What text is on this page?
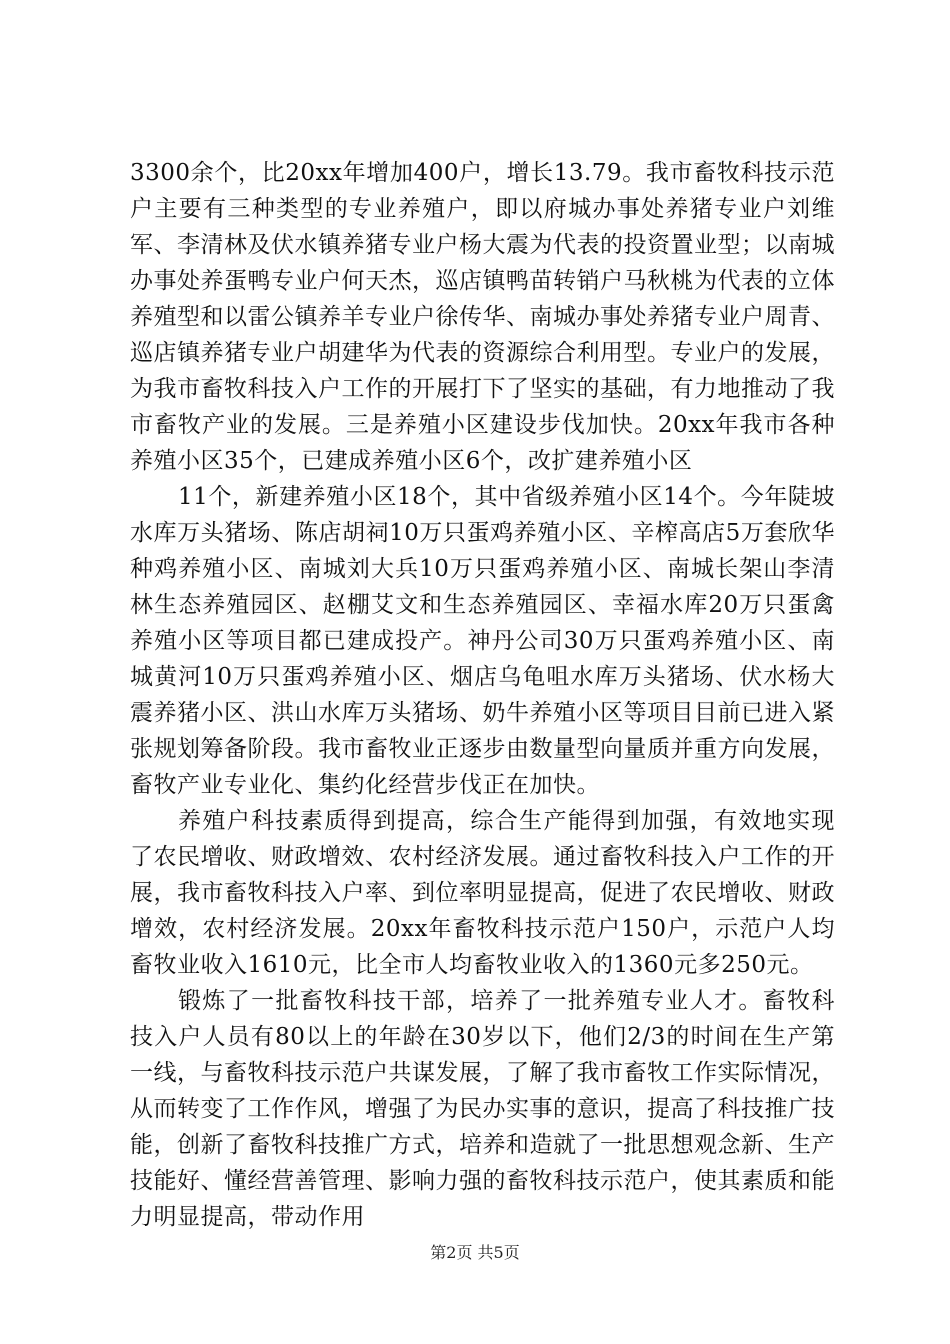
3300余个，比20xx年增加400户，增长13.79。我市畜牧科技示范户主要有三种类型的专业养殖户，即以府城办事处养猪专业户刘维军、李清林及伏水镇养猪专业户杨大震为代表的投资置业型；以南城办事处养蛋鸭专业户何天杰，巡店镇鸭苗转销户马秋桃为代表的立体养殖型和以雷公镇养羊专业户徐传华、南城办事处养猪专业户周青、巡店镇养猪专业户胡建华为代表的资源综合利用型。专业户的发展，为我市畜牧科技入户工作的开展打下了坚实的基础，有力地推动了我市畜牧产业的发展。三是养殖小区建设步伐加快。20xx年我市各种养殖小区35个，已建成养殖小区6个，改扩建养殖小区

11个，新建养殖小区18个，其中省级养殖小区14个。今年陡坡水库万头猪场、陈店胡祠10万只蛋鸡养殖小区、辛榨高店5万套欣华种鸡养殖小区、南城刘大兵10万只蛋鸡养殖小区、南城长架山李清林生态养殖园区、赵棚艾文和生态养殖园区、幸福水库20万只蛋禽养殖小区等项目都已建成投产。神丹公司30万只蛋鸡养殖小区、南城黄河10万只蛋鸡养殖小区、烟店乌龟咀水库万头猪场、伏水杨大震养猪小区、洪山水库万头猪场、奶牛养殖小区等项目目前已进入紧张规划筹备阶段。我市畜牧业正逐步由数量型向量质并重方向发展，畜牧产业专业化、集约化经营步伐正在加快。

养殖户科技素质得到提高，综合生产能得到加强，有效地实现了农民增收、财政增效、农村经济发展。通过畜牧科技入户工作的开展，我市畜牧科技入户率、到位率明显提高，促进了农民增收、财政增效，农村经济发展。20xx年畜牧科技示范户150户，示范户人均畜牧业收入1610元，比全市人均畜牧业收入的1360元多250元。

锻炼了一批畜牧科技干部，培养了一批养殖专业人才。畜牧科技入户人员有80以上的年龄在30岁以下，他们2/3的时间在生产第一线，与畜牧科技示范户共谋发展，了解了我市畜牧工作实际情况，从而转变了工作作风，增强了为民办实事的意识，提高了科技推广技能，创新了畜牧科技推广方式，培养和造就了一批思想观念新、生产技能好、懂经营善管理、影响力强的畜牧科技示范户，使其素质和能力明显提高，带动作用

第2页 共5页
